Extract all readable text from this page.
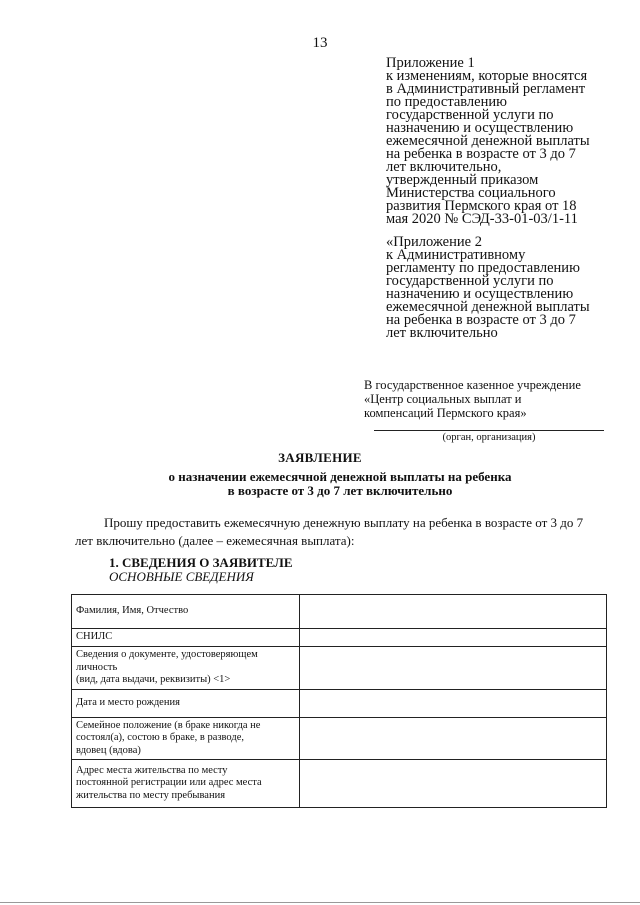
13
Приложение 1
к изменениям, которые вносятся
в Административный регламент
по предоставлению
государственной услуги по
назначению и осуществлению
ежемесячной денежной выплаты
на ребенка в возрасте от 3 до 7
лет включительно,
утвержденный приказом
Министерства социального
развития Пермского края от 18
мая 2020 № СЭД-33-01-03/1-11
«Приложение 2
к Административному
регламенту по предоставлению
государственной услуги по
назначению и осуществлению
ежемесячной денежной выплаты
на ребенка в возрасте от 3 до 7
лет включительно
В государственное казенное учреждение
«Центр социальных выплат и
компенсаций Пермского края»
(орган, организация)
ЗАЯВЛЕНИЕ
о назначении ежемесячной денежной выплаты на ребенка
в возрасте от 3 до 7 лет включительно
Прошу предоставить ежемесячную денежную выплату на ребенка в возрасте от 3 до 7
лет включительно (далее – ежемесячная выплата):
1. СВЕДЕНИЯ О ЗАЯВИТЕЛЕ
ОСНОВНЫЕ СВЕДЕНИЯ
Фамилия, Имя, Отчество	
СНИЛС	
Сведения о документе, удостоверяющем
личность
(вид, дата выдачи, реквизиты) <1>	
Дата и место рождения	
Семейное положение (в браке никогда не
состоял(а), состою в браке, в разводе,
вдовец (вдова)	
Адрес места жительства по месту
постоянной регистрации или адрес места
жительства по месту пребывания	
